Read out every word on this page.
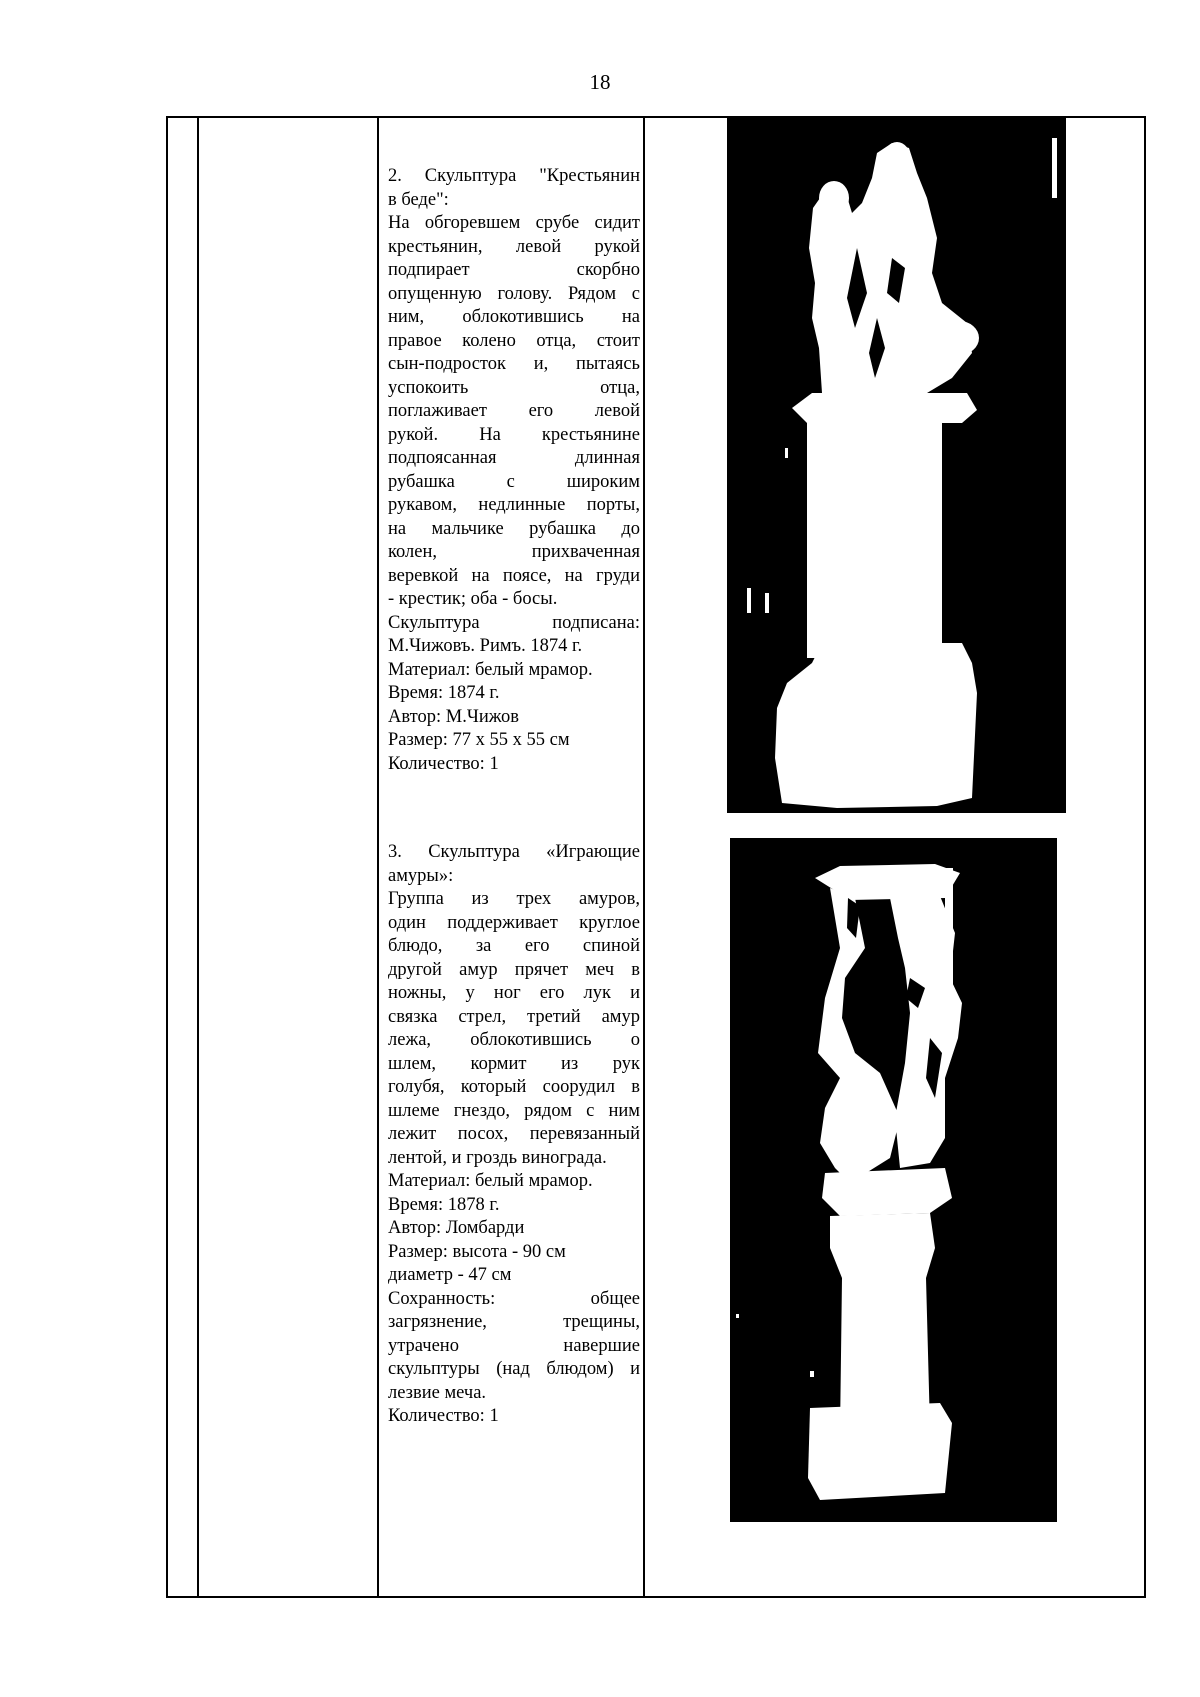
18
2. Скульптура "Крестьянин
в беде":
На обгоревшем срубе сидит
крестьянин, левой рукой
подпирает скорбно
опущенную голову. Рядом с
ним, облокотившись на
правое колено отца, стоит
сын-подросток и, пытаясь
успокоить отца,
поглаживает его левой
рукой. На крестьянине
подпоясанная длинная
рубашка с широким
рукавом, недлинные порты,
на мальчике рубашка до
колен, прихваченная
веревкой на поясе, на груди
- крестик; оба - босы.
Скульптура подписана:
М.Чижовъ. Римъ. 1874 г.
Материал: белый мрамор.
Время: 1874 г.
Автор: М.Чижов
Размер: 77 х 55 х 55 см
Количество: 1
3. Скульптура «Играющие
амуры»:
Группа из трех амуров,
один поддерживает круглое
блюдо, за его спиной
другой амур прячет меч в
ножны, у ног его лук и
связка стрел, третий амур
лежа, облокотившись о
шлем, кормит из рук
голубя, который соорудил в
шлеме гнездо, рядом с ним
лежит посох, перевязанный
лентой, и гроздь винограда.
Материал: белый мрамор.
Время: 1878 г.
Автор: Ломбарди
Размер: высота - 90 см
диаметр - 47 см
Сохранность: общее
загрязнение, трещины,
утрачено навершие
скульптуры (над блюдом) и
лезвие меча.
Количество: 1
